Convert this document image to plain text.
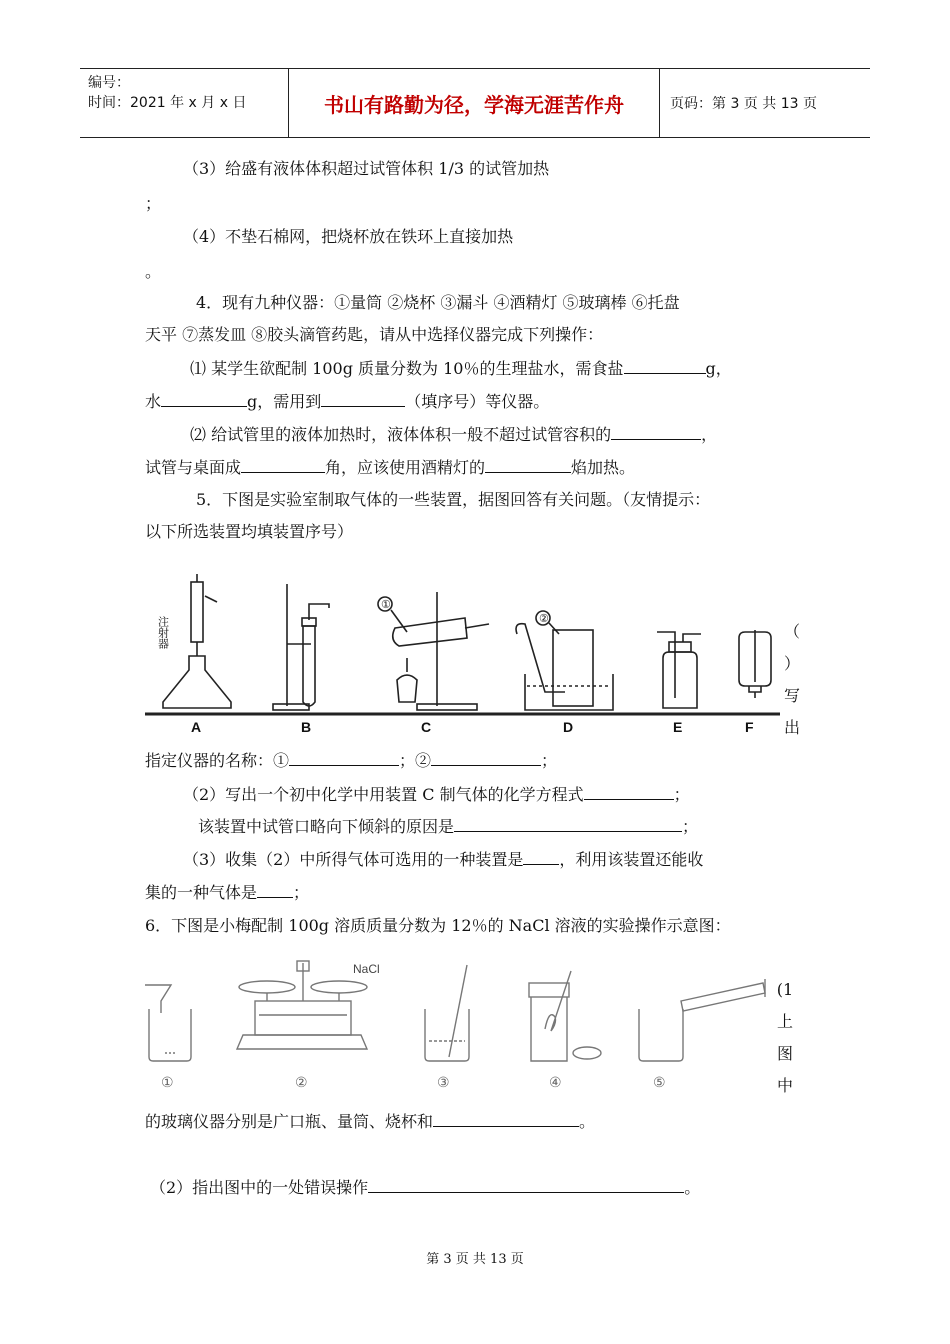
编号：
时间：2021 年 x 月 x 日	书山有路勤为径，学海无涯苦作舟	页码：第 3 页 共 13 页
（3）给盛有液体体积超过试管体积 1/3 的试管加热
；
（4）不垫石棉网，把烧杯放在铁环上直接加热
。
4．现有九种仪器：①量筒 ②烧杯 ③漏斗 ④酒精灯 ⑤玻璃棒 ⑥托盘
天平 ⑦蒸发皿 ⑧胶头滴管药匙，请从中选择仪器完成下列操作：
⑴ 某学生欲配制 100g 质量分数为 10％的生理盐水，需食盐	g，
水	g，需用到	（填序号）等仪器。
⑵ 给试管里的液体加热时，液体体积一般不超过试管容积的	，
试管与桌面成	角，应该使用酒精灯的	焰加热。
5．下图是实验室制取气体的一些装置，据图回答有关问题。（友情提示：
以下所选装置均填装置序号）
注射器
①
②
A	B	C	D	E	F
（
）
写
出
指定仪器的名称：①	；②	；
（2）写出一个初中化学中用装置 C 制气体的化学方程式	；
该装置中试管口略向下倾斜的原因是	；
（3）收集（2）中所得气体可选用的一种装置是 ，利用该装置还能收
集的一种气体是 ；
6．下图是小梅配制 100g 溶质质量分数为 12％的 NaCl 溶液的实验操作示意图：
NaCl
①	②	③	④	⑤
(1
上
图
中
的玻璃仪器分别是广口瓶、量筒、烧杯和	。
（2）指出图中的一处错误操作	。
第 3 页 共 13 页
